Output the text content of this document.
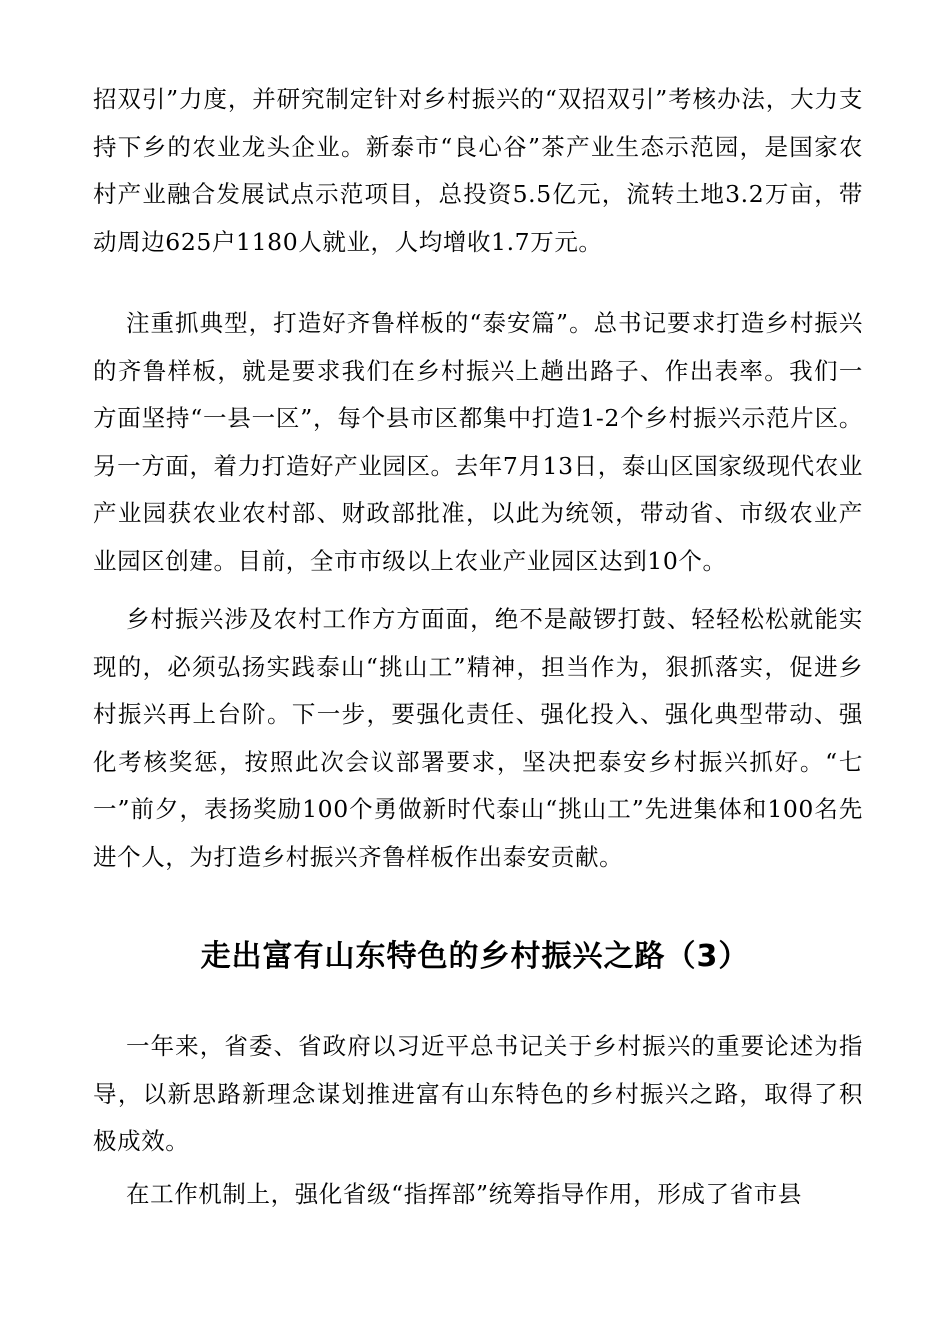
招双引”力度，并研究制定针对乡村振兴的“双招双引”考核办法，大力支持下乡的农业龙头企业。新泰市“良心谷”茶产业生态示范园，是国家农村产业融合发展试点示范项目，总投资5.5亿元，流转土地3.2万亩，带动周边625户1180人就业，人均增收1.7万元。

注重抓典型，打造好齐鲁样板的“泰安篇”。总书记要求打造乡村振兴的齐鲁样板，就是要求我们在乡村振兴上趟出路子、作出表率。我们一方面坚持“一县一区”，每个县市区都集中打造1-2个乡村振兴示范片区。另一方面，着力打造好产业园区。去年7月13日，泰山区国家级现代农业产业园获农业农村部、财政部批准，以此为统领，带动省、市级农业产业园区创建。目前，全市市级以上农业产业园区达到10个。

乡村振兴涉及农村工作方方面面，绝不是敲锣打鼓、轻轻松松就能实现的，必须弘扬实践泰山“挑山工”精神，担当作为，狠抓落实，促进乡村振兴再上台阶。下一步，要强化责任、强化投入、强化典型带动、强化考核奖惩，按照此次会议部署要求，坚决把泰安乡村振兴抓好。“七一”前夕，表扬奖励100个勇做新时代泰山“挑山工”先进集体和100名先进个人，为打造乡村振兴齐鲁样板作出泰安贡献。

走出富有山东特色的乡村振兴之路（3）

一年来，省委、省政府以习近平总书记关于乡村振兴的重要论述为指导，以新思路新理念谋划推进富有山东特色的乡村振兴之路，取得了积极成效。

在工作机制上，强化省级“指挥部”统筹指导作用，形成了省市县
